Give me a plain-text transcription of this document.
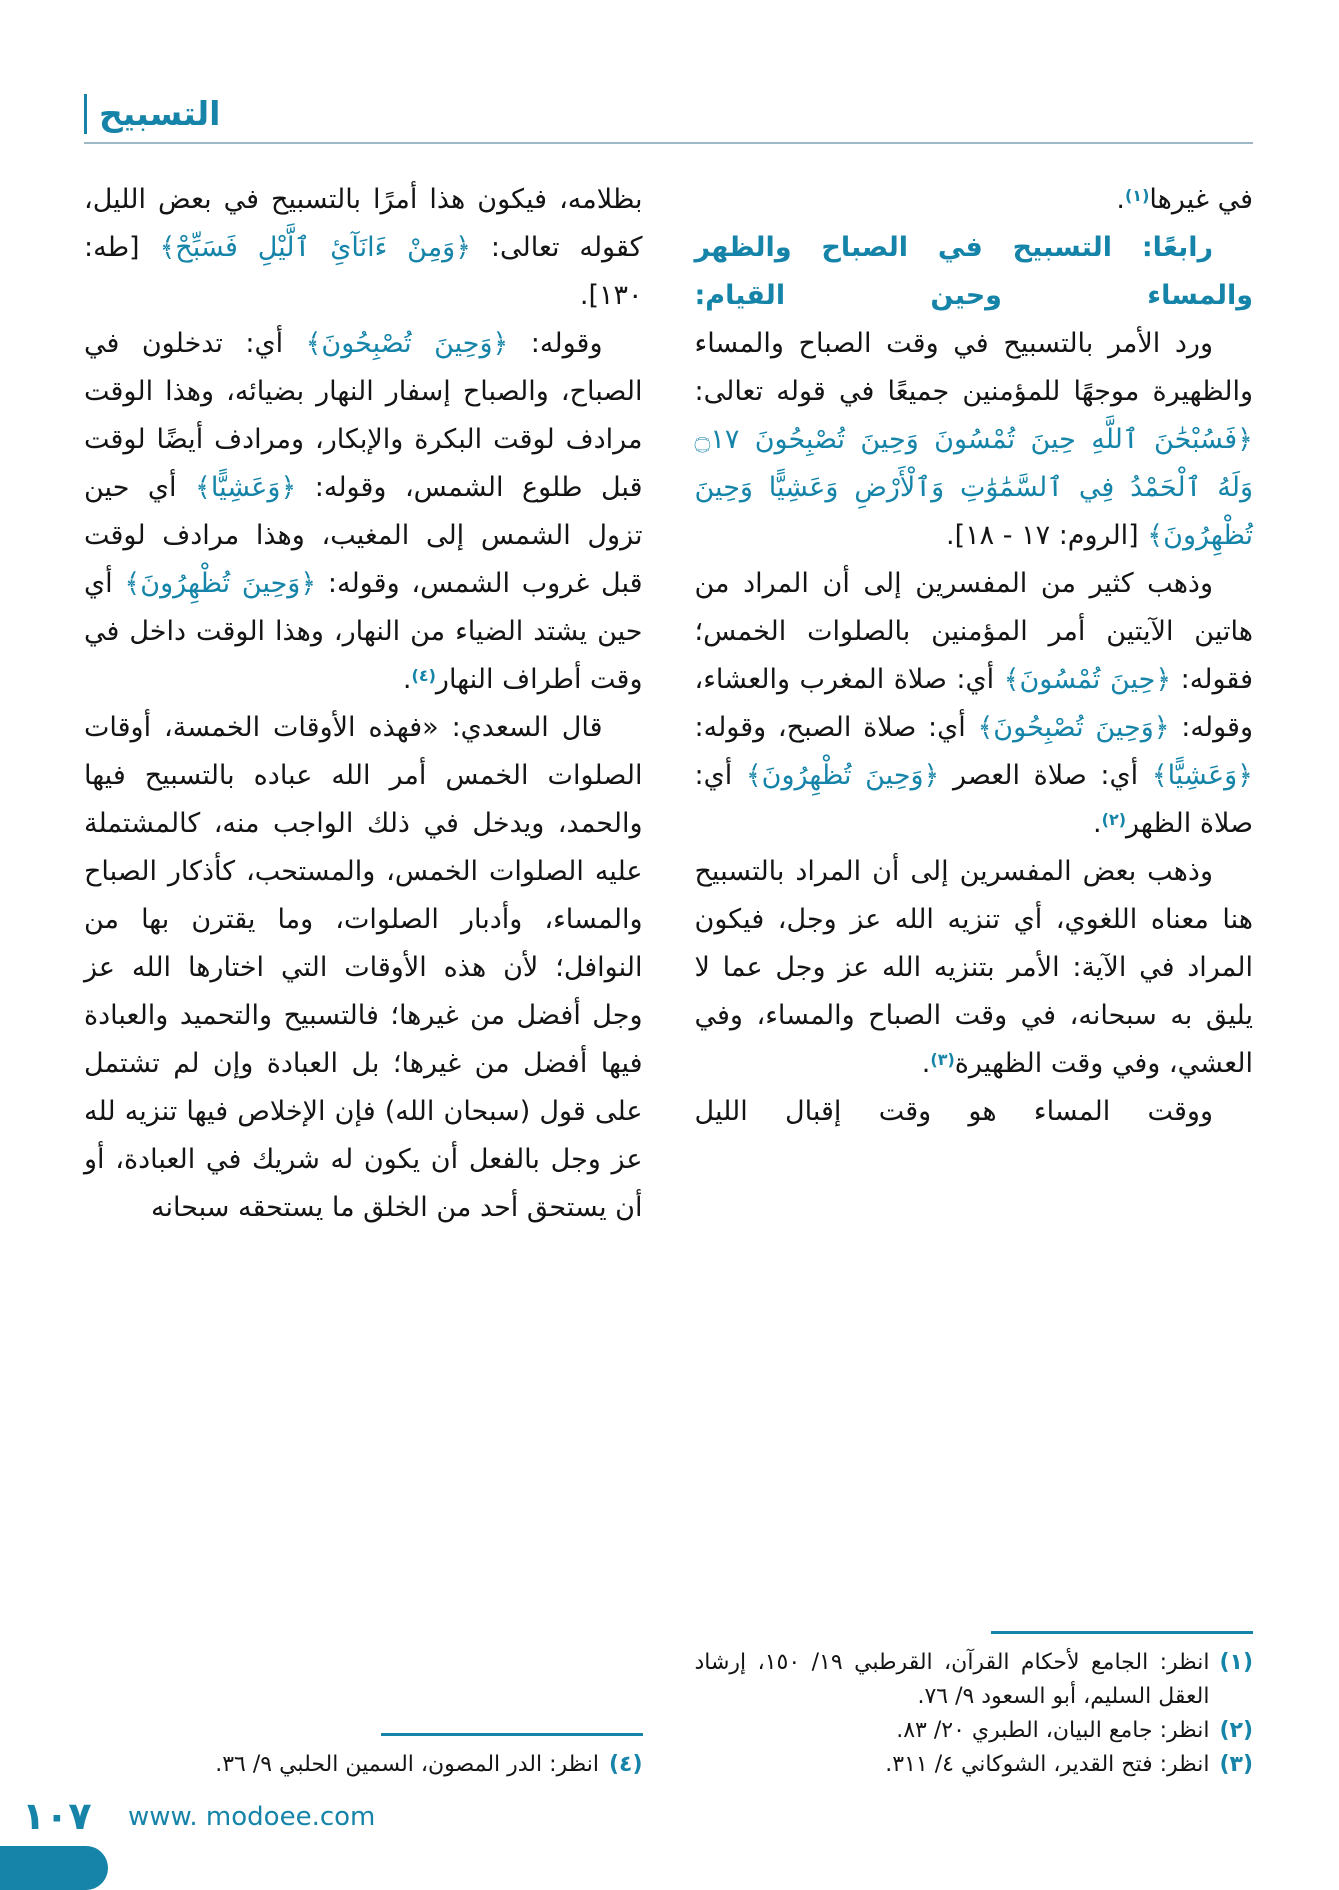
التسبيح

في غيرها$^{(١)}$.

رابعًا: التسبيح في الصباح والظهر والمساء وحين القيام:

ورد الأمر بالتسبيح في وقت الصباح والمساء والظهيرة موجهًا للمؤمنين جميعًا في قوله تعالى: ﴿فَسُبْحَٰنَ ٱللَّهِ حِينَ تُمْسُونَ وَحِينَ تُصْبِحُونَ ۝١٧ وَلَهُ ٱلْحَمْدُ فِي ٱلسَّمَٰوَٰتِ وَٱلْأَرْضِ وَعَشِيًّا وَحِينَ تُظْهِرُونَ﴾ [الروم: ١٧ - ١٨].

وذهب كثير من المفسرين إلى أن المراد من هاتين الآيتين أمر المؤمنين بالصلوات الخمس؛ فقوله: ﴿حِينَ تُمْسُونَ﴾ أي: صلاة المغرب والعشاء، وقوله: ﴿وَحِينَ تُصْبِحُونَ﴾ أي: صلاة الصبح، وقوله: ﴿وَعَشِيًّا﴾ أي: صلاة العصر ﴿وَحِينَ تُظْهِرُونَ﴾ أي: صلاة الظهر$^{(٢)}$.

وذهب بعض المفسرين إلى أن المراد بالتسبيح هنا معناه اللغوي، أي تنزيه الله عز وجل، فيكون المراد في الآية: الأمر بتنزيه الله عز وجل عما لا يليق به سبحانه، في وقت الصباح والمساء، وفي العشي، وفي وقت الظهيرة$^{(٣)}$.

ووقت المساء هو وقت إقبال الليل

(١)
انظر: الجامع لأحكام القرآن، القرطبي ١٩/ ١٥٠، إرشاد العقل السليم، أبو السعود ٩/ ٧٦.
(٢)
انظر: جامع البيان، الطبري ٢٠/ ٨٣.
(٣)
انظر: فتح القدير، الشوكاني ٤/ ٣١١.

بظلامه، فيكون هذا أمرًا بالتسبيح في بعض الليل، كقوله تعالى: ﴿وَمِنْ ءَانَآئِ ٱلَّيْلِ فَسَبِّحْ﴾ [طه: ١٣٠].

وقوله: ﴿وَحِينَ تُصْبِحُونَ﴾ أي: تدخلون في الصباح، والصباح إسفار النهار بضيائه، وهذا الوقت مرادف لوقت البكرة والإبكار، ومرادف أيضًا لوقت قبل طلوع الشمس، وقوله: ﴿وَعَشِيًّا﴾ أي حين تزول الشمس إلى المغيب، وهذا مرادف لوقت قبل غروب الشمس، وقوله: ﴿وَحِينَ تُظْهِرُونَ﴾ أي حين يشتد الضياء من النهار، وهذا الوقت داخل في وقت أطراف النهار$^{(٤)}$.

قال السعدي: «فهذه الأوقات الخمسة، أوقات الصلوات الخمس أمر الله عباده بالتسبيح فيها والحمد، ويدخل في ذلك الواجب منه، كالمشتملة عليه الصلوات الخمس، والمستحب، كأذكار الصباح والمساء، وأدبار الصلوات، وما يقترن بها من النوافل؛ لأن هذه الأوقات التي اختارها الله عز وجل أفضل من غيرها؛ فالتسبيح والتحميد والعبادة فيها أفضل من غيرها؛ بل العبادة وإن لم تشتمل على قول (سبحان الله) فإن الإخلاص فيها تنزيه لله عز وجل بالفعل أن يكون له شريك في العبادة، أو أن يستحق أحد من الخلق ما يستحقه سبحانه

(٤)
انظر: الدر المصون، السمين الحلبي ٩/ ٣٦.
١٠٧ www. modoee.com
